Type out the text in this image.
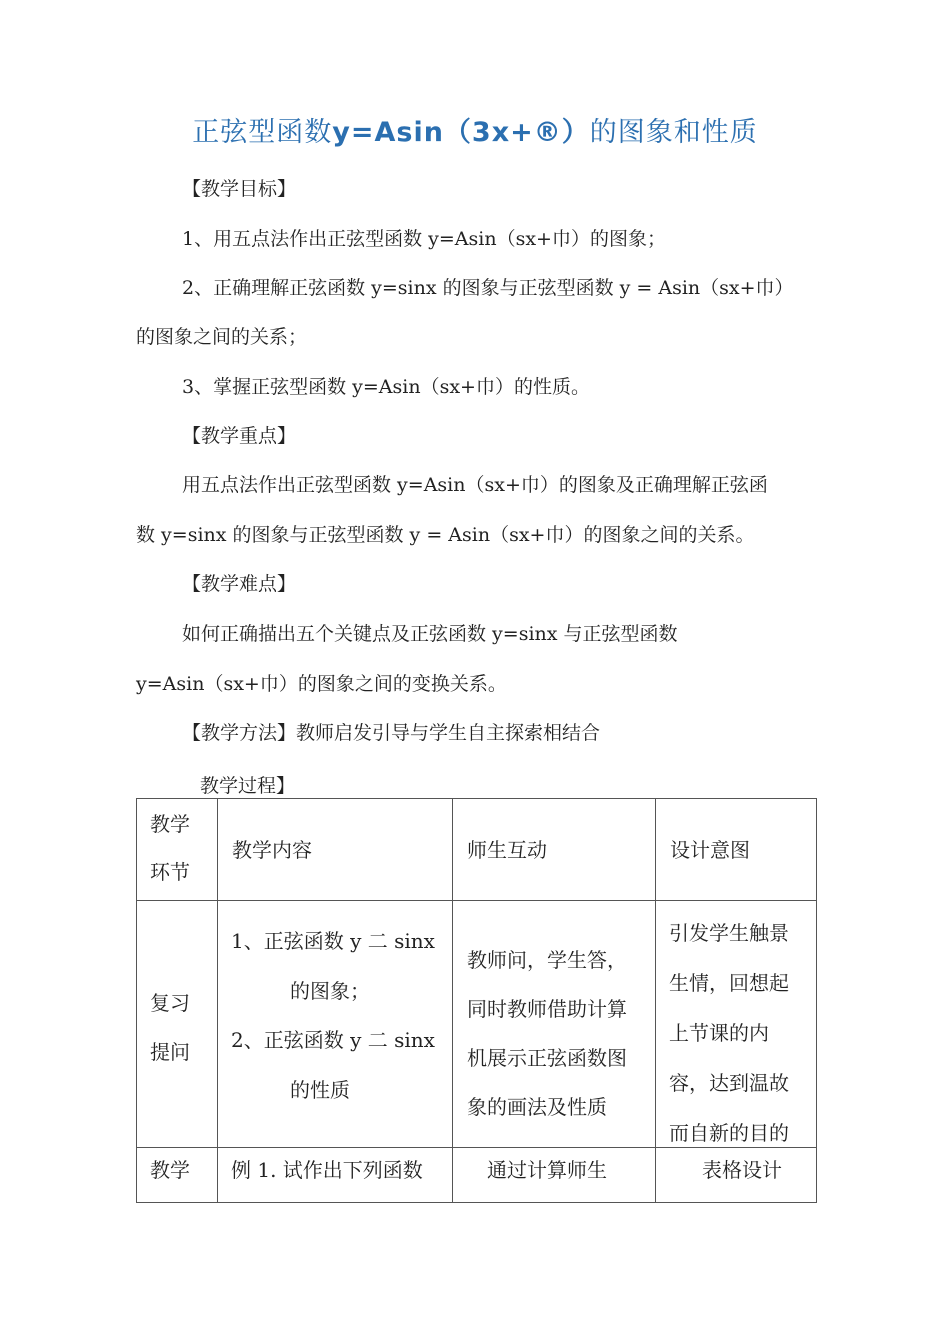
正弦型函数y=Asin（3x+®）的图象和性质
【教学目标】
1、用五点法作出正弦型函数 y=Asin（sx+巾）的图象；
2、正确理解正弦函数 y=sinx 的图象与正弦型函数 y = Asin（sx+巾）
的图象之间的关系；
3、掌握正弦型函数 y=Asin（sx+巾）的性质。
【教学重点】
用五点法作出正弦型函数 y=Asin（sx+巾）的图象及正确理解正弦函
数 y=sinx 的图象与正弦型函数 y = Asin（sx+巾）的图象之间的关系。
【教学难点】
如何正确描出五个关键点及正弦函数 y=sinx 与正弦型函数
y=Asin（sx+巾）的图象之间的变换关系。
【教学方法】教师启发引导与学生自主探索相结合
教学过程】
教学
环节	教学内容	师生互动	设计意图

复习
提问	1、正弦函数 y 二 sinx
的图象；
2、正弦函数 y 二 sinx
的性质	教师问，学生答，
同时教师借助计算
机展示正弦函数图
象的画法及性质	引发学生触景
生情，回想起
上节课的内
容，达到温故
而自新的目的

教学	例 1. 试作出下列函数	通过计算师生	表格设计
